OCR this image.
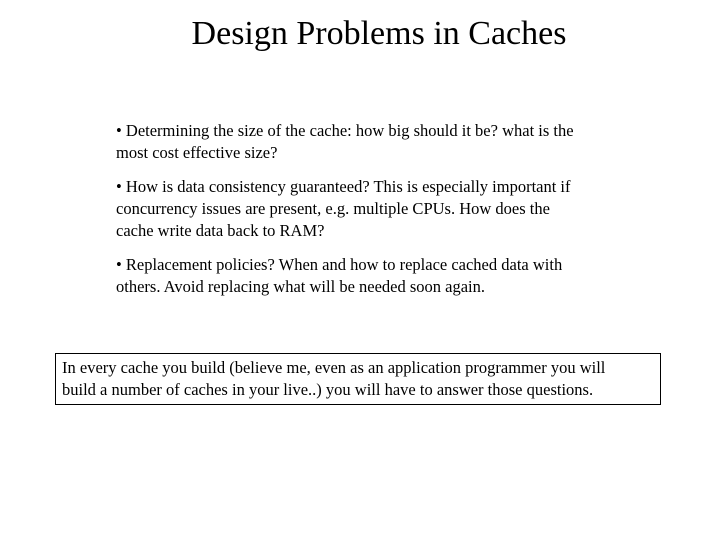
Design Problems in Caches
• Determining the size of the cache: how big should it be? what is the most cost effective size?
• How is data consistency guaranteed? This is especially important if concurrency issues are present, e.g. multiple CPUs. How does the cache write data back to RAM?
• Replacement policies? When and how to replace cached data with others. Avoid replacing what will be needed soon again.
In every cache you build (believe me, even as an application programmer you will
build a number of caches in your live..) you will have to answer those questions.
